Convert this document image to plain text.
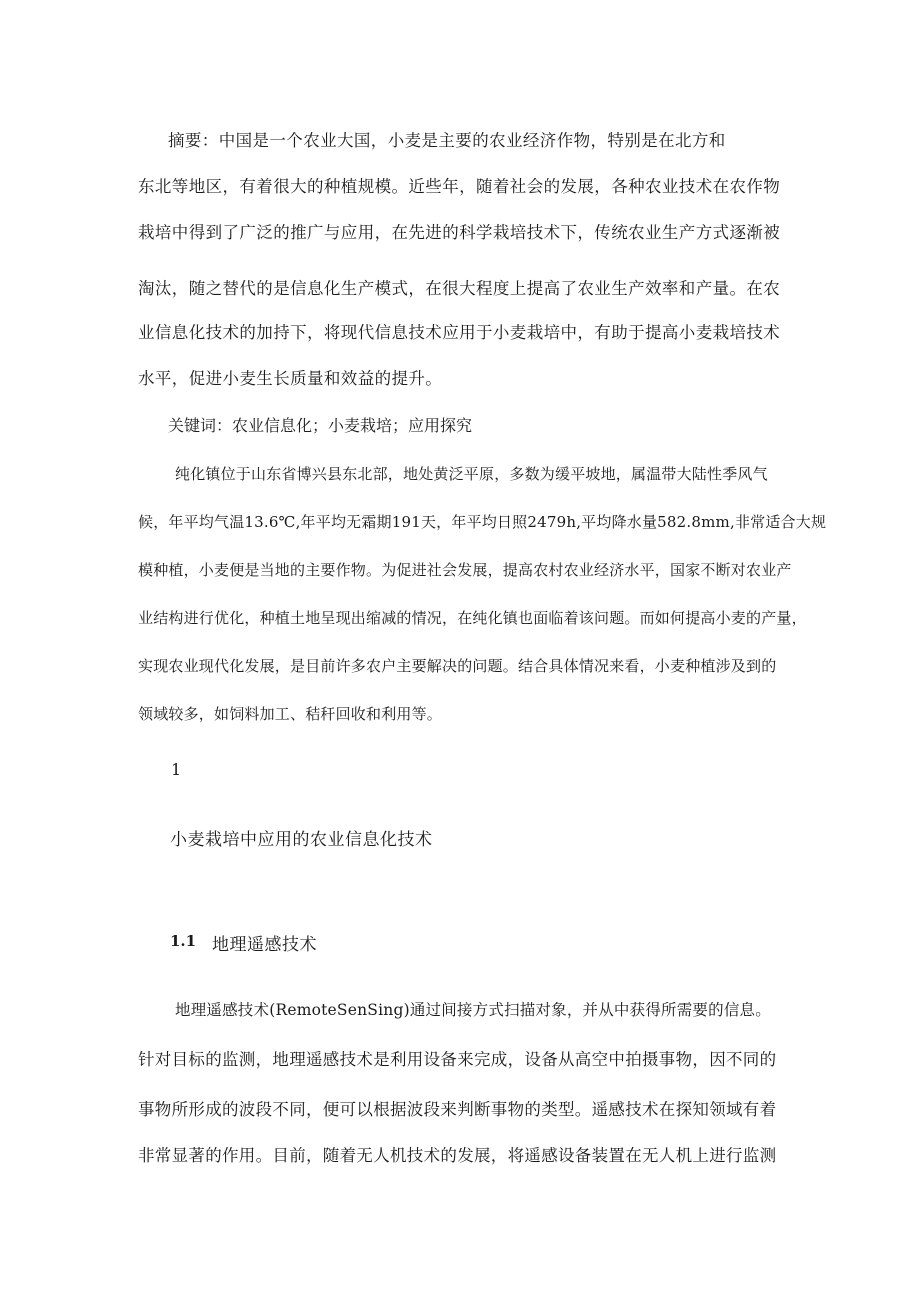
摘要：中国是一个农业大国，小麦是主要的农业经济作物，特别是在北方和

东北等地区，有着很大的种植规模。近些年，随着社会的发展，各种农业技术在农作物

栽培中得到了广泛的推广与应用，在先进的科学栽培技术下，传统农业生产方式逐渐被

淘汰，随之替代的是信息化生产模式，在很大程度上提高了农业生产效率和产量。在农

业信息化技术的加持下，将现代信息技术应用于小麦栽培中，有助于提高小麦栽培技术

水平，促进小麦生长质量和效益的提升。

关键词：农业信息化；小麦栽培；应用探究

纯化镇位于山东省博兴县东北部，地处黄泛平原，多数为缓平坡地，属温带大陆性季风气

候，年平均气温13.6℃,年平均无霜期191天，年平均日照2479h,平均降水量582.8mm,非常适合大规

模种植，小麦便是当地的主要作物。为促进社会发展，提高农村农业经济水平，国家不断对农业产

业结构进行优化，种植土地呈现出缩减的情况，在纯化镇也面临着该问题。而如何提高小麦的产量，

实现农业现代化发展，是目前许多农户主要解决的问题。结合具体情况来看，小麦种植涉及到的

领域较多，如饲料加工、秸秆回收和利用等。

1

小麦栽培中应用的农业信息化技术

1.1 地理遥感技术

地理遥感技术(RemoteSenSing)通过间接方式扫描对象，并从中获得所需要的信息。

针对目标的监测，地理遥感技术是利用设备来完成，设备从高空中拍摄事物，因不同的

事物所形成的波段不同，便可以根据波段来判断事物的类型。遥感技术在探知领域有着

非常显著的作用。目前，随着无人机技术的发展，将遥感设备装置在无人机上进行监测
